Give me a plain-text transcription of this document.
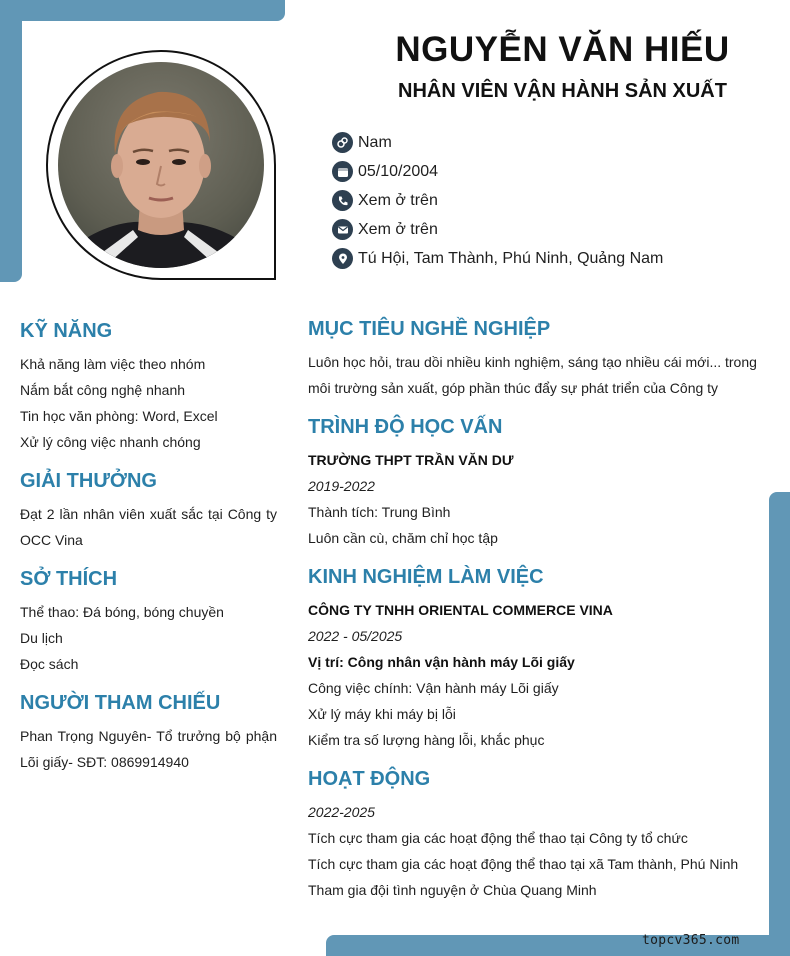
NGUYỄN VĂN HIẾU
NHÂN VIÊN VẬN HÀNH SẢN XUẤT
Nam
05/10/2004
Xem ở trên
Xem ở trên
Tú Hội, Tam Thành, Phú Ninh, Quảng Nam
KỸ NĂNG
Khả năng làm việc theo nhóm
Nắm bắt công nghệ nhanh
Tin học văn phòng: Word, Excel
Xử lý công việc nhanh chóng
GIẢI THƯỞNG
Đạt 2 lần nhân viên xuất sắc tại Công ty OCC Vina
SỞ THÍCH
Thể thao: Đá bóng, bóng chuyền
Du lịch
Đọc sách
NGƯỜI THAM CHIẾU
Phan Trọng Nguyên- Tổ trưởng bộ phận Lõi giấy- SĐT: 0869914940
MỤC TIÊU NGHỀ NGHIỆP
Luôn học hỏi, trau dồi nhiều kinh nghiệm, sáng tạo nhiều cái mới... trong môi trường sản xuất, góp phần thúc đẩy sự phát triển của Công ty
TRÌNH ĐỘ HỌC VẤN
TRƯỜNG THPT TRẦN VĂN DƯ
2019-2022
Thành tích: Trung Bình
Luôn cần cù, chăm chỉ học tập
KINH NGHIỆM LÀM VIỆC
CÔNG TY TNHH ORIENTAL COMMERCE VINA
2022 - 05/2025
Vị trí: Công nhân vận hành máy Lõi giấy
Công việc chính: Vận hành máy Lõi giấy
Xử lý máy khi máy bị lỗi
Kiểm tra số lượng hàng lỗi, khắc phục
HOẠT ĐỘNG
2022-2025
Tích cực tham gia các hoạt động thể thao tại Công ty tổ chức
Tích cực tham gia các hoạt động thể thao tại xã Tam thành, Phú Ninh
Tham gia đội tình nguyện ở Chùa Quang Minh
topcv365.com
